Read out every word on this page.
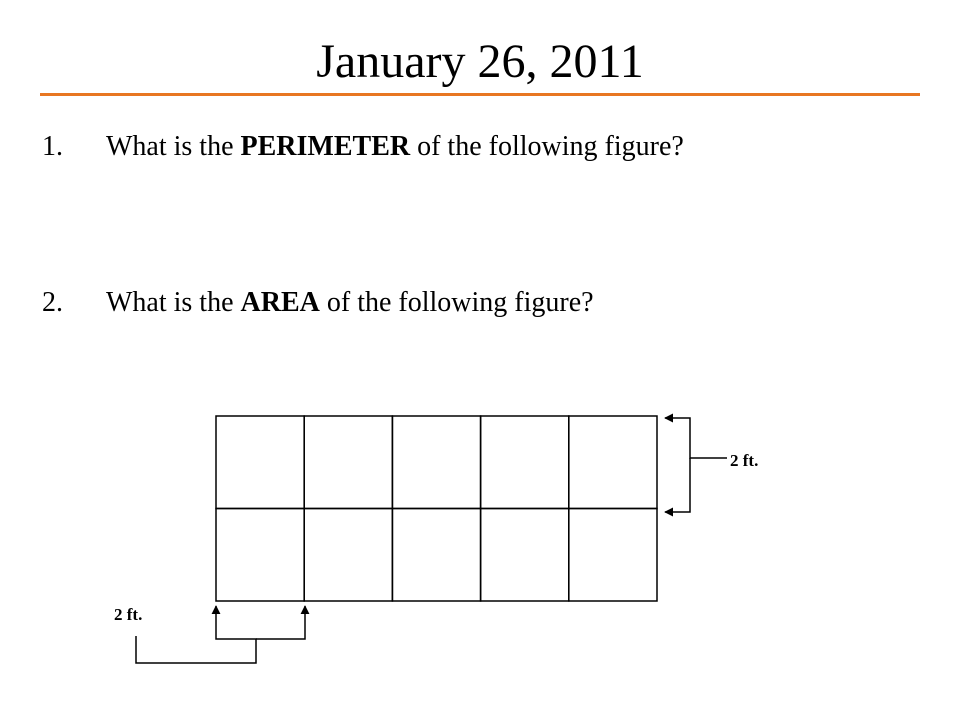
January 26, 2011
1. What is the PERIMETER of the following figure?
2. What is the AREA of the following figure?
2 ft.
2 ft.
